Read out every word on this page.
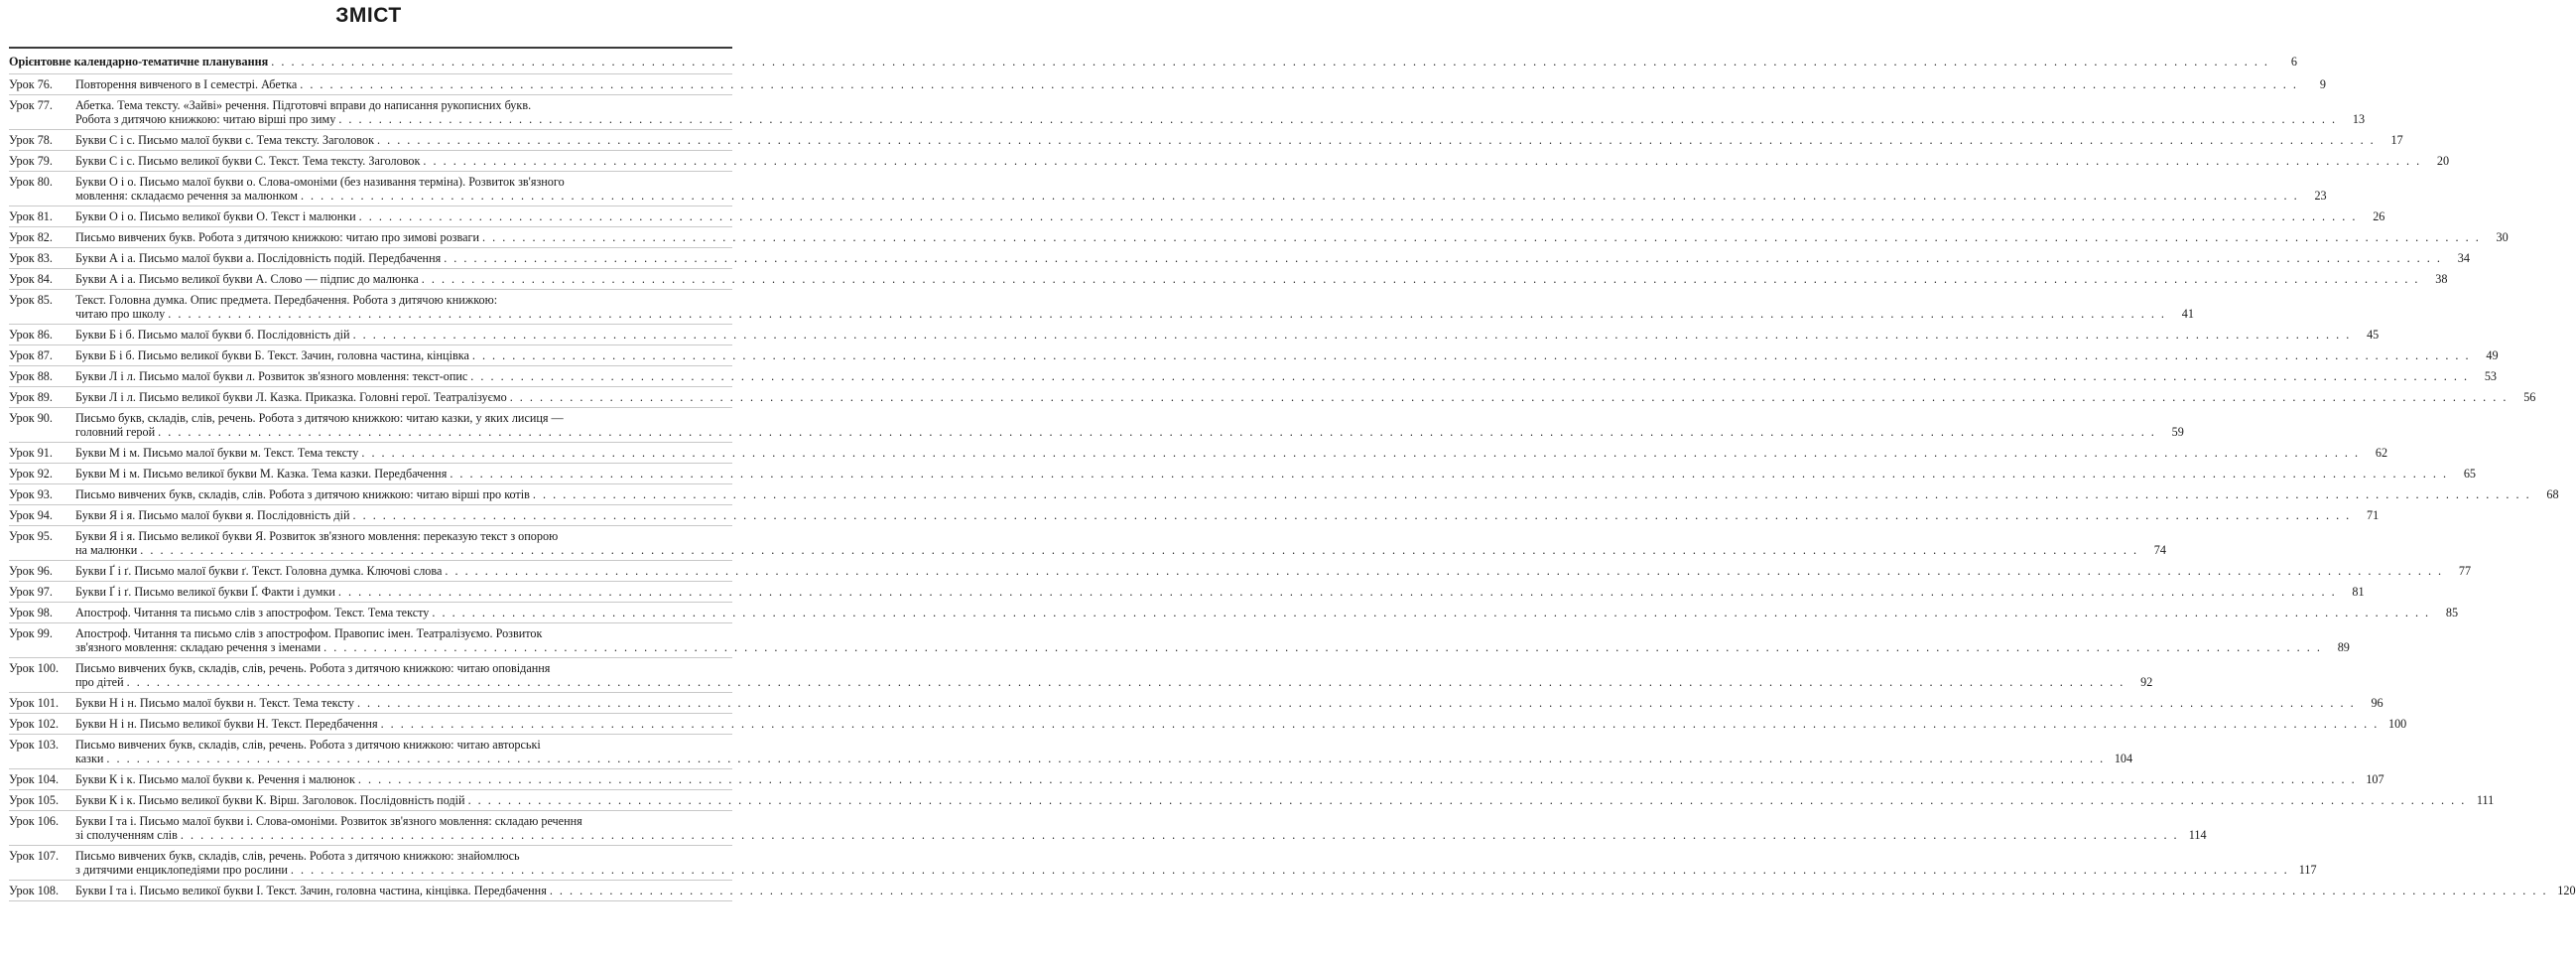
ЗМІСТ
Орієнтовне календарно-тематичне планування . . . . . . . . . . . . . . . . . . . . . . . . . . . . . . . . . . . . . . . . . . . . . . . . . . . . . . . . . . . . . . . . . . . . . . . . . . . . . . . . . . . . . . . . . . . . . . . . . . . . . . . . . . . . . . . . . . . . . . . . . . . . . . . . . . . . . . . . . . . . . . . . . . . . . . . . . . . . . . . . . . . . . . . . . . . . . . . . . . . . . . . . . . . . . . . . . . . . . . . .	6
Урок 76.	Повторення вивченого в І семестрі. Абетка . . . . . . . . . . . . . . . . . . . . . . . . . . . . . . . . . . . . . . . . . . . . . . . . . . . . . . . . . . . . . . . . . . . . . . . . . . . . . . . . . . . . . . . . . . . . . . . . . . . . . . . . . . . . . . . . . . . . . . . . . . . . . . . . . . . . . . . . . . . . . . . . . . . . . . . . . . . . . . . . . . . . . . . . . . . . . . . . . . . . . . . . . . . . . . . . . . . . . . . .	9
Урок 77.	Абетка. Тема тексту. «Зайві» речення. Підготовчі вправи до написання рукописних букв.
Робота з дитячою книжкою: читаю вірші про зиму . . . . . . . . . . . . . . . . . . . . . . . . . . . . . . . . . . . . . . . . . . . . . . . . . . . . . . . . . . . . . . . . . . . . . . . . . . . . . . . . . . . . . . . . . . . . . . . . . . . . . . . . . . . . . . . . . . . . . . . . . . . . . . . . . . . . . . . . . . . . . . . . . . . . . . . . . . . . . . . . . . . . . . . . . . . . . . . . . . . . . . . . . . . . . . . . . . . . . . . .	13
Урок 78.	Букви С і с. Письмо малої букви с. Тема тексту. Заголовок . . . . . . . . . . . . . . . . . . . . . . . . . . . . . . . . . . . . . . . . . . . . . . . . . . . . . . . . . . . . . . . . . . . . . . . . . . . . . . . . . . . . . . . . . . . . . . . . . . . . . . . . . . . . . . . . . . . . . . . . . . . . . . . . . . . . . . . . . . . . . . . . . . . . . . . . . . . . . . . . . . . . . . . . . . . . . . . . . . . . . . . . . . . . . . . . . . . . . . . .	17
Урок 79.	Букви С і с. Письмо великої букви С. Текст. Тема тексту. Заголовок . . . . . . . . . . . . . . . . . . . . . . . . . . . . . . . . . . . . . . . . . . . . . . . . . . . . . . . . . . . . . . . . . . . . . . . . . . . . . . . . . . . . . . . . . . . . . . . . . . . . . . . . . . . . . . . . . . . . . . . . . . . . . . . . . . . . . . . . . . . . . . . . . . . . . . . . . . . . . . . . . . . . . . . . . . . . . . . . . . . . . . . . . . . . . . . . . . . . . . . .	20
Урок 80.	Букви О і о. Письмо малої букви о. Слова-омоніми (без називання терміна). Розвиток зв'язного
мовлення: складаємо речення за малюнком . . . . . . . . . . . . . . . . . . . . . . . . . . . . . . . . . . . . . . . . . . . . . . . . . . . . . . . . . . . . . . . . . . . . . . . . . . . . . . . . . . . . . . . . . . . . . . . . . . . . . . . . . . . . . . . . . . . . . . . . . . . . . . . . . . . . . . . . . . . . . . . . . . . . . . . . . . . . . . . . . . . . . . . . . . . . . . . . . . . . . . . . . . . . . . . . . . . . . . . .	23
Урок 81.	Букви О і о. Письмо великої букви О. Текст і малюнки . . . . . . . . . . . . . . . . . . . . . . . . . . . . . . . . . . . . . . . . . . . . . . . . . . . . . . . . . . . . . . . . . . . . . . . . . . . . . . . . . . . . . . . . . . . . . . . . . . . . . . . . . . . . . . . . . . . . . . . . . . . . . . . . . . . . . . . . . . . . . . . . . . . . . . . . . . . . . . . . . . . . . . . . . . . . . . . . . . . . . . . . . . . . . . . . . . . . . . . .	26
Урок 82.	Письмо вивчених букв. Робота з дитячою книжкою: читаю про зимові розваги . . . . . . . . . . . . . . . . . . . . . . . . . . . . . . . . . . . . . . . . . . . . . . . . . . . . . . . . . . . . . . . . . . . . . . . . . . . . . . . . . . . . . . . . . . . . . . . . . . . . . . . . . . . . . . . . . . . . . . . . . . . . . . . . . . . . . . . . . . . . . . . . . . . . . . . . . . . . . . . . . . . . . . . . . . . . . . . . . . . . . . . . . . . . . . . . . . . . . . . .	30
Урок 83.	Букви А і а. Письмо малої букви а. Послідовність подій. Передбачення . . . . . . . . . . . . . . . . . . . . . . . . . . . . . . . . . . . . . . . . . . . . . . . . . . . . . . . . . . . . . . . . . . . . . . . . . . . . . . . . . . . . . . . . . . . . . . . . . . . . . . . . . . . . . . . . . . . . . . . . . . . . . . . . . . . . . . . . . . . . . . . . . . . . . . . . . . . . . . . . . . . . . . . . . . . . . . . . . . . . . . . . . . . . . . . . . . . . . . . .	34
Урок 84.	Букви А і а. Письмо великої букви А. Слово — підпис до малюнка . . . . . . . . . . . . . . . . . . . . . . . . . . . . . . . . . . . . . . . . . . . . . . . . . . . . . . . . . . . . . . . . . . . . . . . . . . . . . . . . . . . . . . . . . . . . . . . . . . . . . . . . . . . . . . . . . . . . . . . . . . . . . . . . . . . . . . . . . . . . . . . . . . . . . . . . . . . . . . . . . . . . . . . . . . . . . . . . . . . . . . . . . . . . . . . . . . . . . . . .	38
Урок 85.	Текст. Головна думка. Опис предмета. Передбачення. Робота з дитячою книжкою:
читаю про школу . . . . . . . . . . . . . . . . . . . . . . . . . . . . . . . . . . . . . . . . . . . . . . . . . . . . . . . . . . . . . . . . . . . . . . . . . . . . . . . . . . . . . . . . . . . . . . . . . . . . . . . . . . . . . . . . . . . . . . . . . . . . . . . . . . . . . . . . . . . . . . . . . . . . . . . . . . . . . . . . . . . . . . . . . . . . . . . . . . . . . . . . . . . . . . . . . . . . . . . .	41
Урок 86.	Букви Б і б. Письмо малої букви б. Послідовність дій . . . . . . . . . . . . . . . . . . . . . . . . . . . . . . . . . . . . . . . . . . . . . . . . . . . . . . . . . . . . . . . . . . . . . . . . . . . . . . . . . . . . . . . . . . . . . . . . . . . . . . . . . . . . . . . . . . . . . . . . . . . . . . . . . . . . . . . . . . . . . . . . . . . . . . . . . . . . . . . . . . . . . . . . . . . . . . . . . . . . . . . . . . . . . . . . . . . . . . . .	45
Урок 87.	Букви Б і б. Письмо великої букви Б. Текст. Зачин, головна частина, кінцівка . . . . . . . . . . . . . . . . . . . . . . . . . . . . . . . . . . . . . . . . . . . . . . . . . . . . . . . . . . . . . . . . . . . . . . . . . . . . . . . . . . . . . . . . . . . . . . . . . . . . . . . . . . . . . . . . . . . . . . . . . . . . . . . . . . . . . . . . . . . . . . . . . . . . . . . . . . . . . . . . . . . . . . . . . . . . . . . . . . . . . . . . . . . . . . . . . . . . . . . .	49
Урок 88.	Букви Л і л. Письмо малої букви л. Розвиток зв'язного мовлення: текст-опис . . . . . . . . . . . . . . . . . . . . . . . . . . . . . . . . . . . . . . . . . . . . . . . . . . . . . . . . . . . . . . . . . . . . . . . . . . . . . . . . . . . . . . . . . . . . . . . . . . . . . . . . . . . . . . . . . . . . . . . . . . . . . . . . . . . . . . . . . . . . . . . . . . . . . . . . . . . . . . . . . . . . . . . . . . . . . . . . . . . . . . . . . . . . . . . . . . . . . . . .	53
Урок 89.	Букви Л і л. Письмо великої букви Л. Казка. Приказка. Головні герої. Театралізуємо . . . . . . . . . . . . . . . . . . . . . . . . . . . . . . . . . . . . . . . . . . . . . . . . . . . . . . . . . . . . . . . . . . . . . . . . . . . . . . . . . . . . . . . . . . . . . . . . . . . . . . . . . . . . . . . . . . . . . . . . . . . . . . . . . . . . . . . . . . . . . . . . . . . . . . . . . . . . . . . . . . . . . . . . . . . . . . . . . . . . . . . . . . . . . . . . . . . . . . . .	56
Урок 90.	Письмо букв, складів, слів, речень. Робота з дитячою книжкою: читаю казки, у яких лисиця —
головний герой . . . . . . . . . . . . . . . . . . . . . . . . . . . . . . . . . . . . . . . . . . . . . . . . . . . . . . . . . . . . . . . . . . . . . . . . . . . . . . . . . . . . . . . . . . . . . . . . . . . . . . . . . . . . . . . . . . . . . . . . . . . . . . . . . . . . . . . . . . . . . . . . . . . . . . . . . . . . . . . . . . . . . . . . . . . . . . . . . . . . . . . . . . . . . . . . . . . . . . . .	59
Урок 91.	Букви М і м. Письмо малої букви м. Текст. Тема тексту . . . . . . . . . . . . . . . . . . . . . . . . . . . . . . . . . . . . . . . . . . . . . . . . . . . . . . . . . . . . . . . . . . . . . . . . . . . . . . . . . . . . . . . . . . . . . . . . . . . . . . . . . . . . . . . . . . . . . . . . . . . . . . . . . . . . . . . . . . . . . . . . . . . . . . . . . . . . . . . . . . . . . . . . . . . . . . . . . . . . . . . . . . . . . . . . . . . . . . . .	62
Урок 92.	Букви М і м. Письмо великої букви М. Казка. Тема казки. Передбачення . . . . . . . . . . . . . . . . . . . . . . . . . . . . . . . . . . . . . . . . . . . . . . . . . . . . . . . . . . . . . . . . . . . . . . . . . . . . . . . . . . . . . . . . . . . . . . . . . . . . . . . . . . . . . . . . . . . . . . . . . . . . . . . . . . . . . . . . . . . . . . . . . . . . . . . . . . . . . . . . . . . . . . . . . . . . . . . . . . . . . . . . . . . . . . . . . . . . . . . .	65
Урок 93.	Письмо вивчених букв, складів, слів. Робота з дитячою книжкою: читаю вірші про котів . . . . . . . . . . . . . . . . . . . . . . . . . . . . . . . . . . . . . . . . . . . . . . . . . . . . . . . . . . . . . . . . . . . . . . . . . . . . . . . . . . . . . . . . . . . . . . . . . . . . . . . . . . . . . . . . . . . . . . . . . . . . . . . . . . . . . . . . . . . . . . . . . . . . . . . . . . . . . . . . . . . . . . . . . . . . . . . . . . . . . . . . . . . . . . . . . . . . . . . .	68
Урок 94.	Букви Я і я. Письмо малої букви я. Послідовність дій . . . . . . . . . . . . . . . . . . . . . . . . . . . . . . . . . . . . . . . . . . . . . . . . . . . . . . . . . . . . . . . . . . . . . . . . . . . . . . . . . . . . . . . . . . . . . . . . . . . . . . . . . . . . . . . . . . . . . . . . . . . . . . . . . . . . . . . . . . . . . . . . . . . . . . . . . . . . . . . . . . . . . . . . . . . . . . . . . . . . . . . . . . . . . . . . . . . . . . . .	71
Урок 95.	Букви Я і я. Письмо великої букви Я. Розвиток зв'язного мовлення: переказую текст з опорою
на малюнки . . . . . . . . . . . . . . . . . . . . . . . . . . . . . . . . . . . . . . . . . . . . . . . . . . . . . . . . . . . . . . . . . . . . . . . . . . . . . . . . . . . . . . . . . . . . . . . . . . . . . . . . . . . . . . . . . . . . . . . . . . . . . . . . . . . . . . . . . . . . . . . . . . . . . . . . . . . . . . . . . . . . . . . . . . . . . . . . . . . . . . . . . . . . . . . . . . . . . . . .	74
Урок 96.	Букви Ґ і ґ. Письмо малої букви ґ. Текст. Головна думка. Ключові слова . . . . . . . . . . . . . . . . . . . . . . . . . . . . . . . . . . . . . . . . . . . . . . . . . . . . . . . . . . . . . . . . . . . . . . . . . . . . . . . . . . . . . . . . . . . . . . . . . . . . . . . . . . . . . . . . . . . . . . . . . . . . . . . . . . . . . . . . . . . . . . . . . . . . . . . . . . . . . . . . . . . . . . . . . . . . . . . . . . . . . . . . . . . . . . . . . . . . . . . .	77
Урок 97.	Букви Ґ і ґ. Письмо великої букви Ґ. Факти і думки . . . . . . . . . . . . . . . . . . . . . . . . . . . . . . . . . . . . . . . . . . . . . . . . . . . . . . . . . . . . . . . . . . . . . . . . . . . . . . . . . . . . . . . . . . . . . . . . . . . . . . . . . . . . . . . . . . . . . . . . . . . . . . . . . . . . . . . . . . . . . . . . . . . . . . . . . . . . . . . . . . . . . . . . . . . . . . . . . . . . . . . . . . . . . . . . . . . . . . . .	81
Урок 98.	Апостроф. Читання та письмо слів з апострофом. Текст. Тема тексту . . . . . . . . . . . . . . . . . . . . . . . . . . . . . . . . . . . . . . . . . . . . . . . . . . . . . . . . . . . . . . . . . . . . . . . . . . . . . . . . . . . . . . . . . . . . . . . . . . . . . . . . . . . . . . . . . . . . . . . . . . . . . . . . . . . . . . . . . . . . . . . . . . . . . . . . . . . . . . . . . . . . . . . . . . . . . . . . . . . . . . . . . . . . . . . . . . . . . . . .	85
Урок 99.	Апостроф. Читання та письмо слів з апострофом. Правопис імен. Театралізуємо. Розвиток
зв'язного мовлення: складаю речення з іменами . . . . . . . . . . . . . . . . . . . . . . . . . . . . . . . . . . . . . . . . . . . . . . . . . . . . . . . . . . . . . . . . . . . . . . . . . . . . . . . . . . . . . . . . . . . . . . . . . . . . . . . . . . . . . . . . . . . . . . . . . . . . . . . . . . . . . . . . . . . . . . . . . . . . . . . . . . . . . . . . . . . . . . . . . . . . . . . . . . . . . . . . . . . . . . . . . . . . . . . .	89
Урок 100.	Письмо вивчених букв, складів, слів, речень. Робота з дитячою книжкою: читаю оповідання
про дітей . . . . . . . . . . . . . . . . . . . . . . . . . . . . . . . . . . . . . . . . . . . . . . . . . . . . . . . . . . . . . . . . . . . . . . . . . . . . . . . . . . . . . . . . . . . . . . . . . . . . . . . . . . . . . . . . . . . . . . . . . . . . . . . . . . . . . . . . . . . . . . . . . . . . . . . . . . . . . . . . . . . . . . . . . . . . . . . . . . . . . . . . . . . . . . . . . . . . . . . .	92
Урок 101.	Букви Н і н. Письмо малої букви н. Текст. Тема тексту . . . . . . . . . . . . . . . . . . . . . . . . . . . . . . . . . . . . . . . . . . . . . . . . . . . . . . . . . . . . . . . . . . . . . . . . . . . . . . . . . . . . . . . . . . . . . . . . . . . . . . . . . . . . . . . . . . . . . . . . . . . . . . . . . . . . . . . . . . . . . . . . . . . . . . . . . . . . . . . . . . . . . . . . . . . . . . . . . . . . . . . . . . . . . . . . . . . . . . . .	96
Урок 102.	Букви Н і н. Письмо великої букви Н. Текст. Передбачення . . . . . . . . . . . . . . . . . . . . . . . . . . . . . . . . . . . . . . . . . . . . . . . . . . . . . . . . . . . . . . . . . . . . . . . . . . . . . . . . . . . . . . . . . . . . . . . . . . . . . . . . . . . . . . . . . . . . . . . . . . . . . . . . . . . . . . . . . . . . . . . . . . . . . . . . . . . . . . . . . . . . . . . . . . . . . . . . . . . . . . . . . . . . . . . . . . . . . . . . 100
Урок 103.	Письмо вивчених букв, складів, слів, речень. Робота з дитячою книжкою: читаю авторські
казки . . . . . . . . . . . . . . . . . . . . . . . . . . . . . . . . . . . . . . . . . . . . . . . . . . . . . . . . . . . . . . . . . . . . . . . . . . . . . . . . . . . . . . . . . . . . . . . . . . . . . . . . . . . . . . . . . . . . . . . . . . . . . . . . . . . . . . . . . . . . . . . . . . . . . . . . . . . . . . . . . . . . . . . . . . . . . . . . . . . . . . . . . . . . . . . . . . . . . . . . 104
Урок 104.	Букви К і к. Письмо малої букви к. Речення і малюнок . . . . . . . . . . . . . . . . . . . . . . . . . . . . . . . . . . . . . . . . . . . . . . . . . . . . . . . . . . . . . . . . . . . . . . . . . . . . . . . . . . . . . . . . . . . . . . . . . . . . . . . . . . . . . . . . . . . . . . . . . . . . . . . . . . . . . . . . . . . . . . . . . . . . . . . . . . . . . . . . . . . . . . . . . . . . . . . . . . . . . . . . . . . . . . . . . . . . . . . . 107
Урок 105.	Букви К і к. Письмо великої букви К. Вірш. Заголовок. Послідовність подій . . . . . . . . . . . . . . . . . . . . . . . . . . . . . . . . . . . . . . . . . . . . . . . . . . . . . . . . . . . . . . . . . . . . . . . . . . . . . . . . . . . . . . . . . . . . . . . . . . . . . . . . . . . . . . . . . . . . . . . . . . . . . . . . . . . . . . . . . . . . . . . . . . . . . . . . . . . . . . . . . . . . . . . . . . . . . . . . . . . . . . . . . . . . . . . . . . . . . . . . 111
Урок 106.	Букви І та і. Письмо малої букви і. Слова-омоніми. Розвиток зв'язного мовлення: складаю речення
зі сполученням слів . . . . . . . . . . . . . . . . . . . . . . . . . . . . . . . . . . . . . . . . . . . . . . . . . . . . . . . . . . . . . . . . . . . . . . . . . . . . . . . . . . . . . . . . . . . . . . . . . . . . . . . . . . . . . . . . . . . . . . . . . . . . . . . . . . . . . . . . . . . . . . . . . . . . . . . . . . . . . . . . . . . . . . . . . . . . . . . . . . . . . . . . . . . . . . . . . . . . . . . . 114
Урок 107.	Письмо вивчених букв, складів, слів, речень. Робота з дитячою книжкою: знайомлюсь
з дитячими енциклопедіями про рослини . . . . . . . . . . . . . . . . . . . . . . . . . . . . . . . . . . . . . . . . . . . . . . . . . . . . . . . . . . . . . . . . . . . . . . . . . . . . . . . . . . . . . . . . . . . . . . . . . . . . . . . . . . . . . . . . . . . . . . . . . . . . . . . . . . . . . . . . . . . . . . . . . . . . . . . . . . . . . . . . . . . . . . . . . . . . . . . . . . . . . . . . . . . . . . . . . . . . . . . . 117
Урок 108.	Букви І та і. Письмо великої букви І. Текст. Зачин, головна частина, кінцівка. Передбачення . . . . . . . . . . . . . . . . . . . . . . . . . . . . . . . . . . . . . . . . . . . . . . . . . . . . . . . . . . . . . . . . . . . . . . . . . . . . . . . . . . . . . . . . . . . . . . . . . . . . . . . . . . . . . . . . . . . . . . . . . . . . . . . . . . . . . . . . . . . . . . . . . . . . . . . . . . . . . . . . . . . . . . . . . . . . . . . . . . . . . . . . . . . . . . . . . . . . . . . . 120
